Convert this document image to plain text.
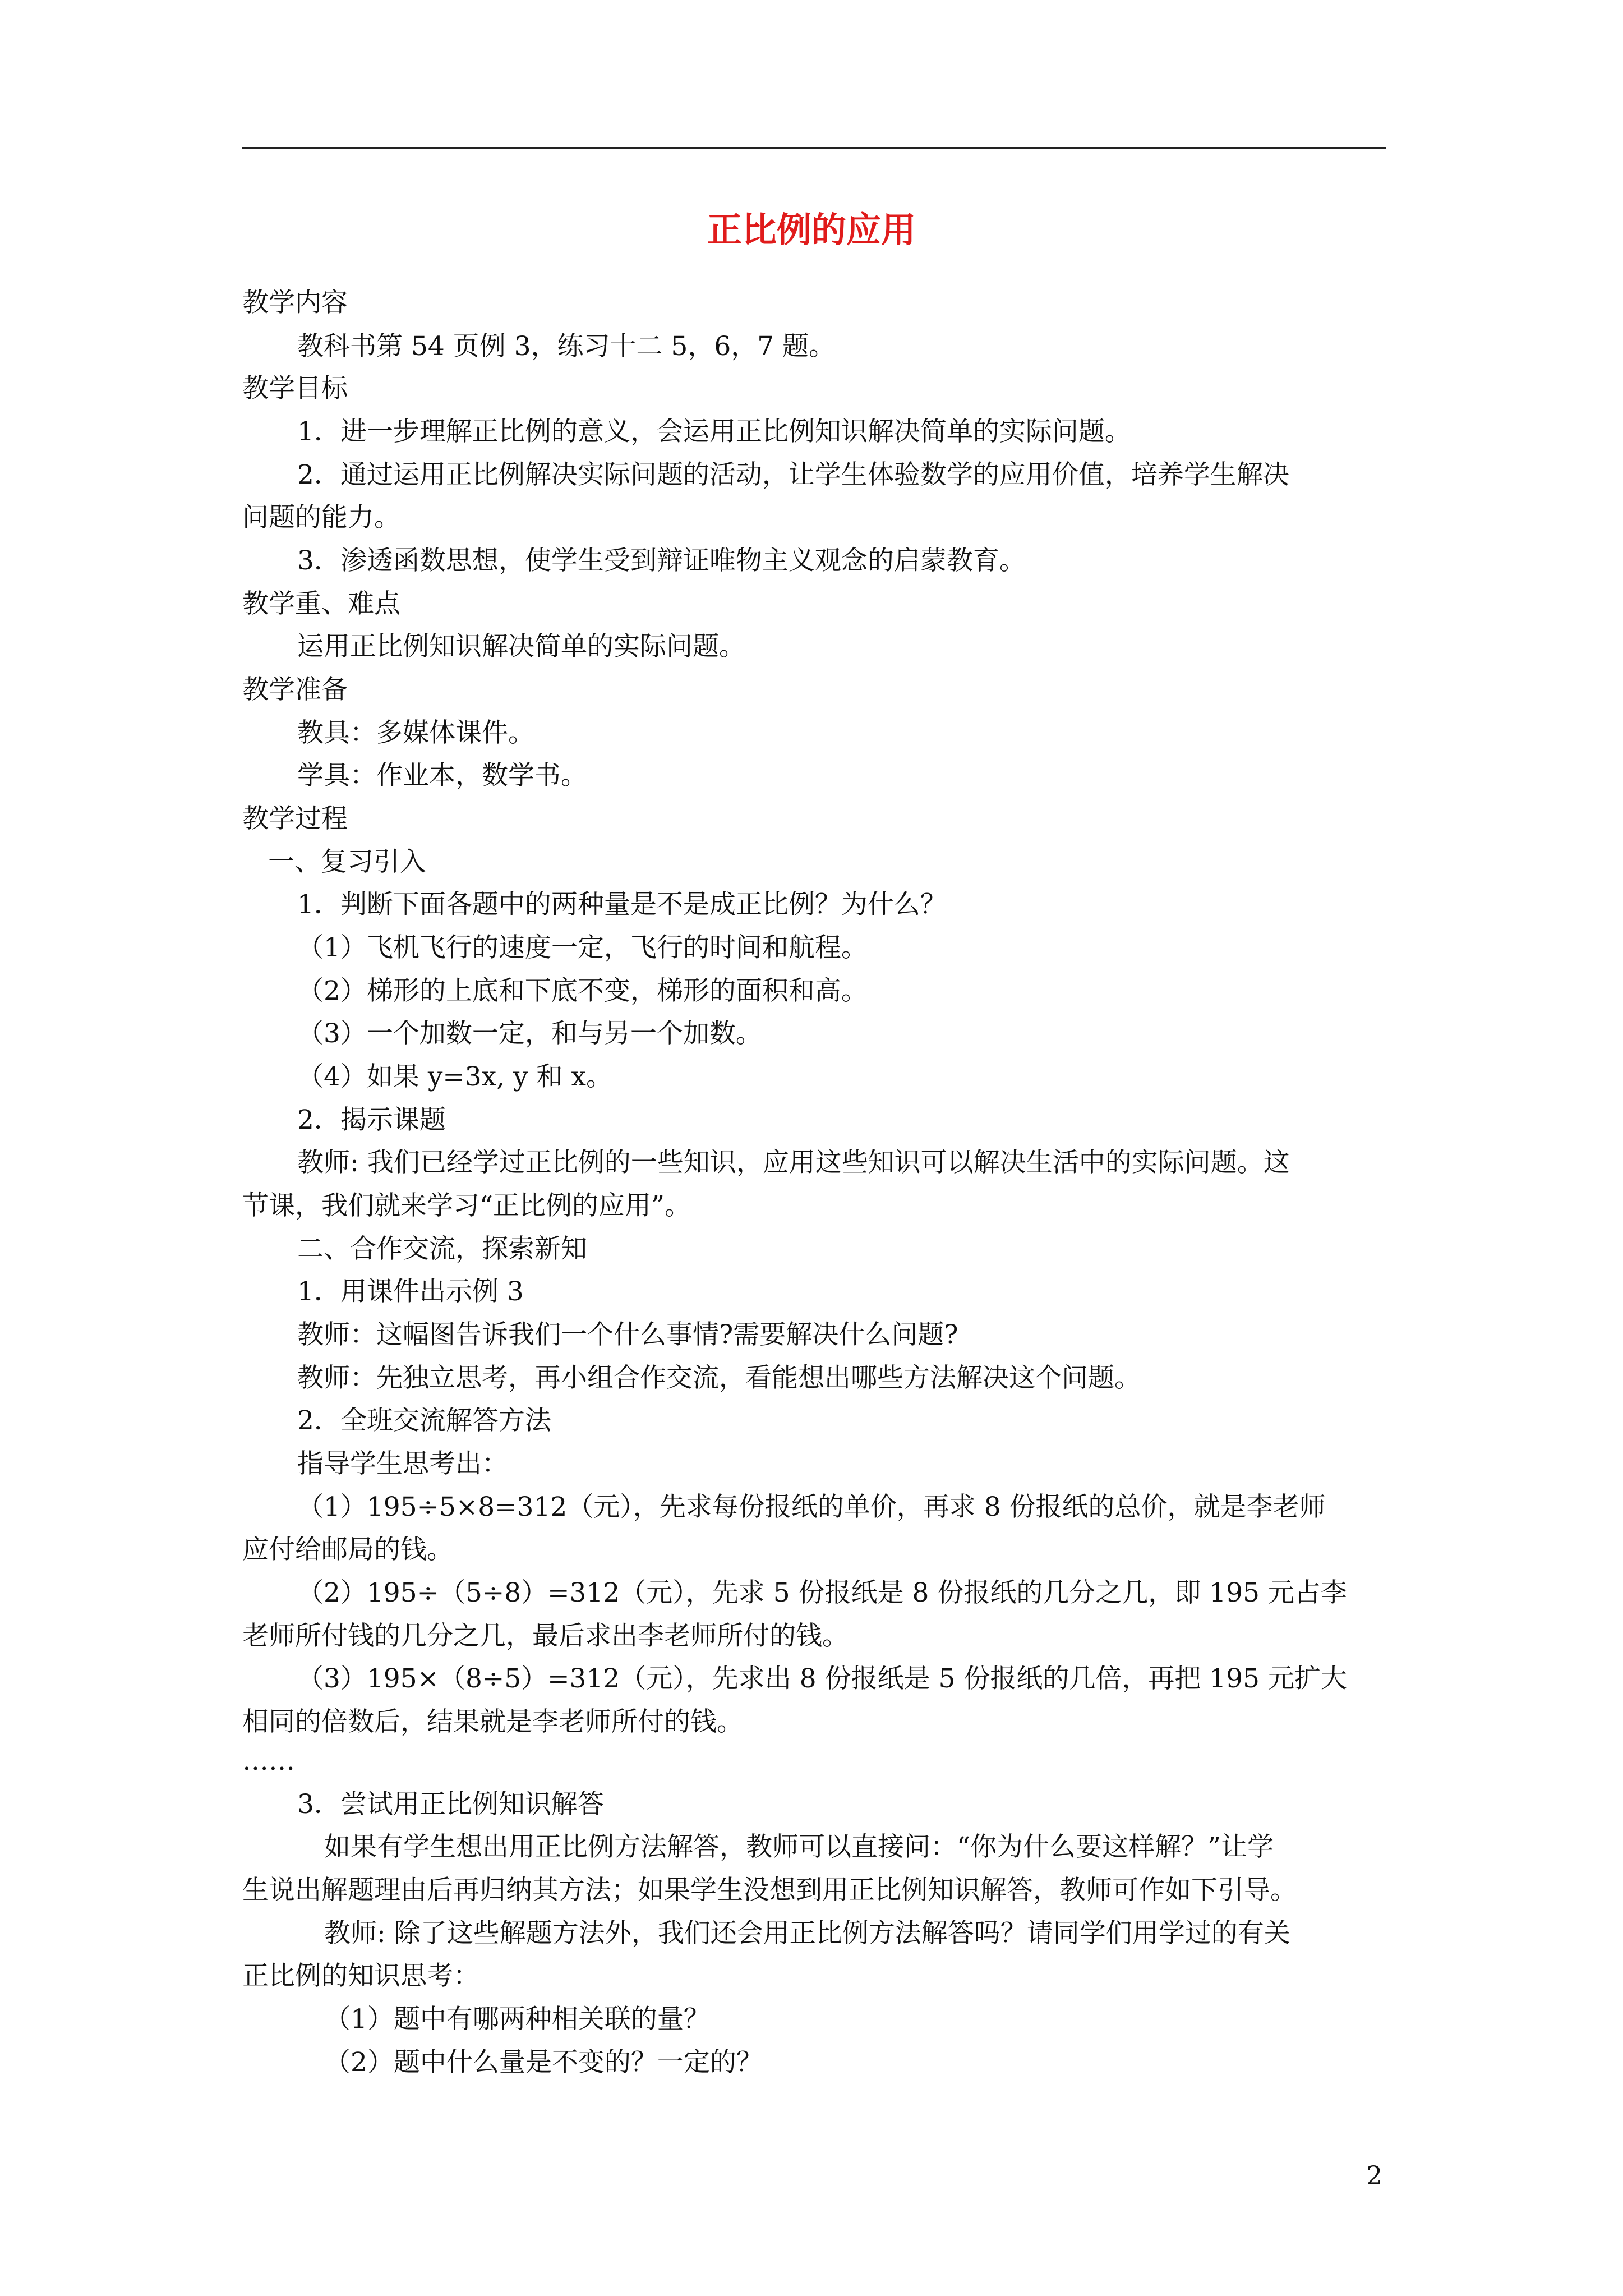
正比例的应用
教学内容
教科书第 54 页例 3，练习十二 5，6，7 题。
教学目标
1．进一步理解正比例的意义，会运用正比例知识解决简单的实际问题。
2．通过运用正比例解决实际问题的活动，让学生体验数学的应用价值，培养学生解决
问题的能力。
3．渗透函数思想，使学生受到辩证唯物主义观念的启蒙教育。
教学重、难点
运用正比例知识解决简单的实际问题。
教学准备
教具：多媒体课件。
学具：作业本，数学书。
教学过程
一、复习引入
1．判断下面各题中的两种量是不是成正比例？为什么？
（1）飞机飞行的速度一定，飞行的时间和航程。
（2）梯形的上底和下底不变，梯形的面积和高。
（3）一个加数一定，和与另一个加数。
（4）如果 y=3x, y 和 x。
2．揭示课题
教师: 我们已经学过正比例的一些知识，应用这些知识可以解决生活中的实际问题。这
节课，我们就来学习“正比例的应用”。
二、合作交流，探索新知
1．用课件出示例 3
教师：这幅图告诉我们一个什么事情?需要解决什么问题?
教师：先独立思考，再小组合作交流，看能想出哪些方法解决这个问题。
2．全班交流解答方法
指导学生思考出：
（1）195÷5×8=312（元），先求每份报纸的单价，再求 8 份报纸的总价，就是李老师
应付给邮局的钱。
（2）195÷（5÷8）=312（元），先求 5 份报纸是 8 份报纸的几分之几，即 195 元占李
老师所付钱的几分之几，最后求出李老师所付的钱。
（3）195×（8÷5）=312（元），先求出 8 份报纸是 5 份报纸的几倍，再把 195 元扩大
相同的倍数后，结果就是李老师所付的钱。
……
3．尝试用正比例知识解答
如果有学生想出用正比例方法解答，教师可以直接问：“你为什么要这样解？”让学
生说出解题理由后再归纳其方法；如果学生没想到用正比例知识解答，教师可作如下引导。
教师: 除了这些解题方法外，我们还会用正比例方法解答吗？请同学们用学过的有关
正比例的知识思考：
（1）题中有哪两种相关联的量？
（2）题中什么量是不变的？一定的？
2
